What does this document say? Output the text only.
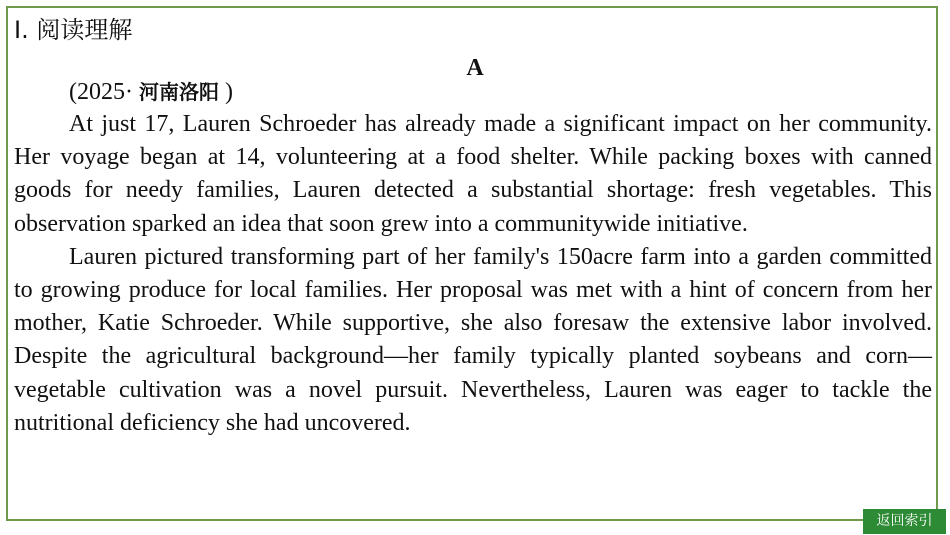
I. 阅读理解
A
(2025· 河南洛阳 )

At just 17, Lauren Schroeder has already made a significant impact on her community. Her voyage began at 14, volunteering at a food shelter. While packing boxes with canned goods for needy families, Lauren detected a substantial shortage: fresh vegetables. This observation sparked an idea that soon grew into a communitywide initiative.

Lauren pictured transforming part of her family's 150acre farm into a garden committed to growing produce for local families. Her proposal was met with a hint of concern from her mother, Katie Schroeder. While supportive, she also foresaw the extensive labor involved. Despite the agricultural background—her family typically planted soybeans and corn—vegetable cultivation was a novel pursuit. Nevertheless, Lauren was eager to tackle the nutritional deficiency she had uncovered.

返回索引
